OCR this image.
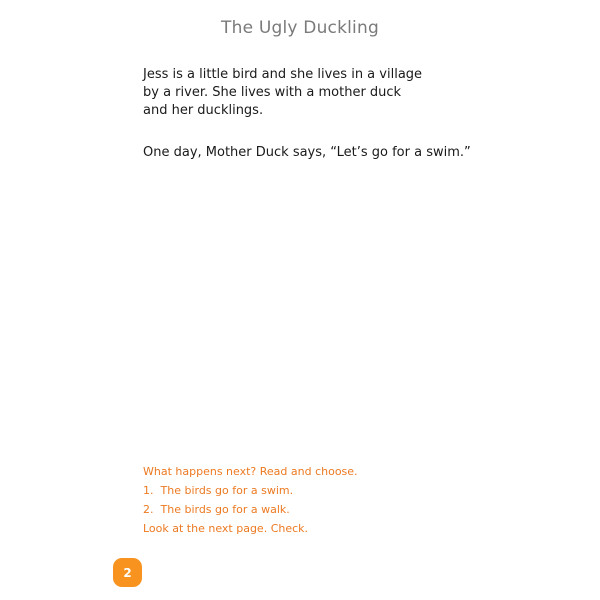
The Ugly Duckling

Jess is a little bird and she lives in a village
by a river. She lives with a mother duck
and her ducklings.

One day, Mother Duck says, “Let’s go for a swim.”

What happens next? Read and choose.
1. The birds go for a swim.
2. The birds go for a walk.
Look at the next page. Check.
2
